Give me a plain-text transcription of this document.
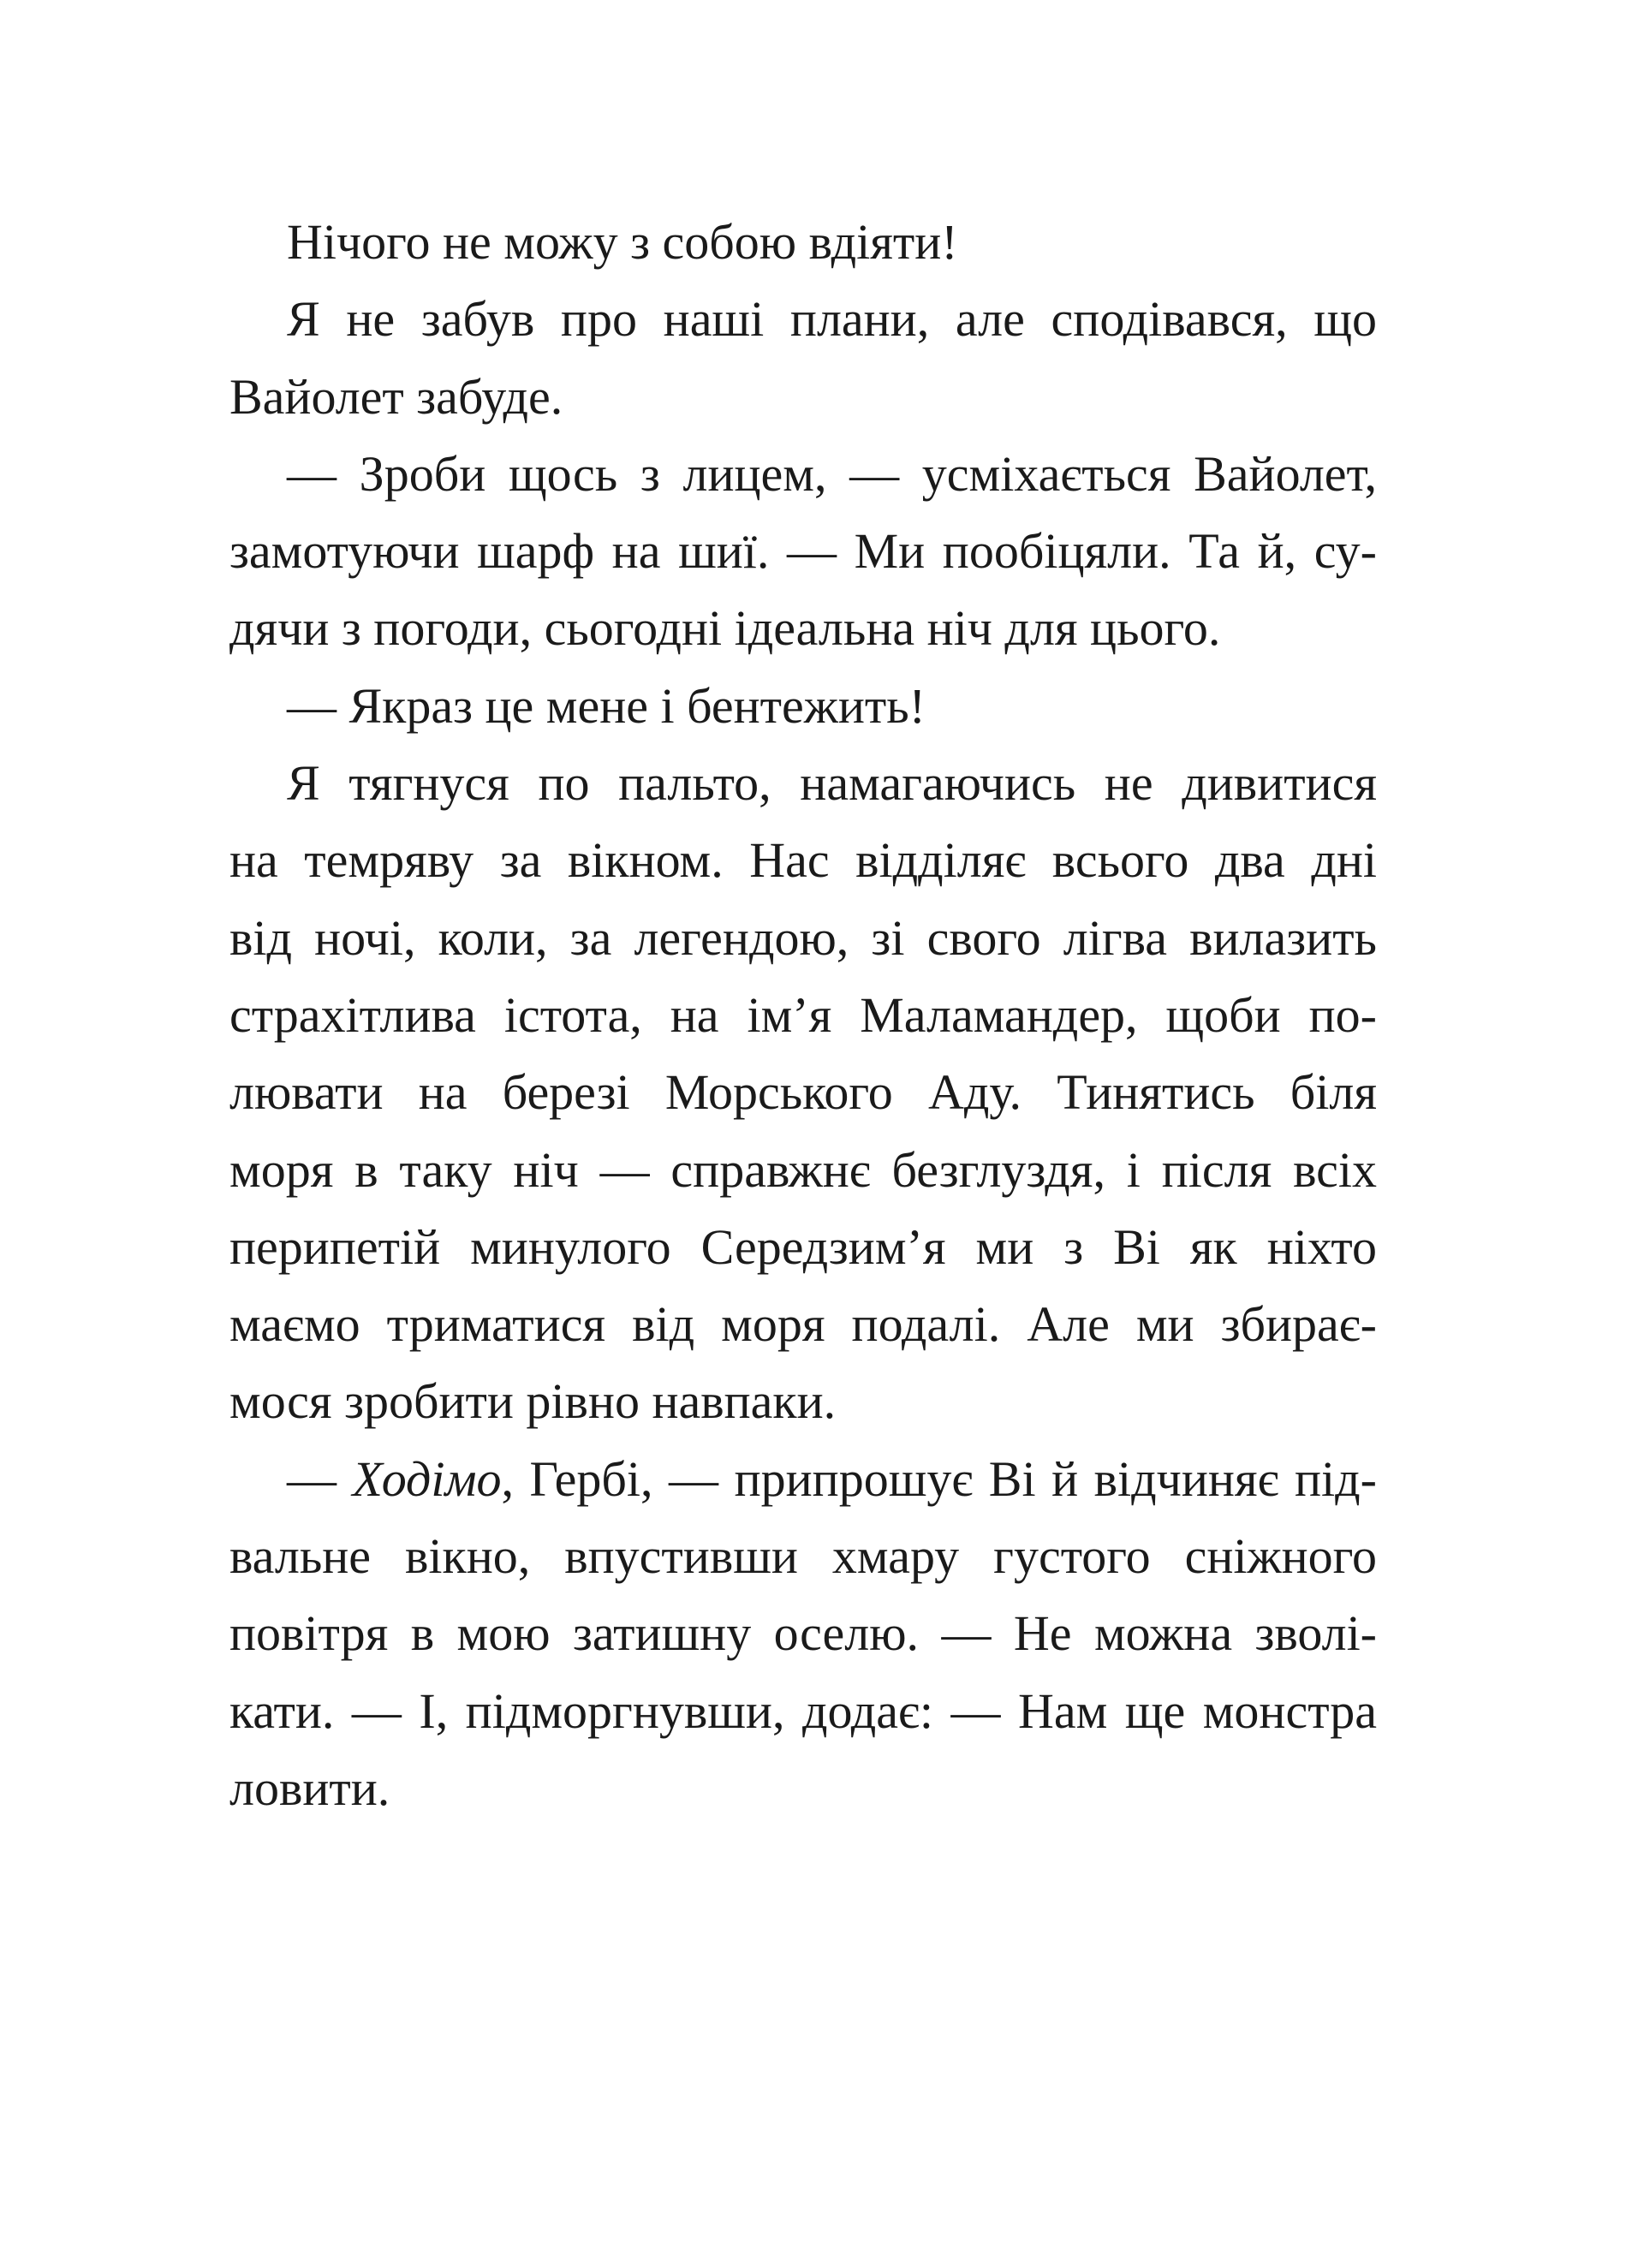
Нічого не можу з собою вдіяти!
Я не забув про наші плани, але сподівався, що
Вайолет забуде.
— Зроби щось з лицем, — усміхається Вайолет,
замотуючи шарф на шиї. — Ми пообіцяли. Та й, су-
дячи з погоди, сьогодні ідеальна ніч для цього.
— Якраз це мене і бентежить!
Я тягнуся по пальто, намагаючись не дивитися
на темряву за вікном. Нас відділяє всього два дні
від ночі, коли, за легендою, зі свого лігва вилазить
страхітлива істота, на ім’я Маламандер, щоби по-
лювати на березі Морського Аду. Тинятись біля
моря в таку ніч — справжнє безглуздя, і після всіх
перипетій минулого Середзим’я ми з Ві як ніхто
маємо триматися від моря подалі. Але ми збирає-
мося зробити рівно навпаки.
— Ходімо, Гербі, — припрошує Ві й відчиняє під-
вальне вікно, впустивши хмару густого сніжного
повітря в мою затишну оселю. — Не можна зволі-
кати. — І, підморгнувши, додає: — Нам ще монстра
ловити.
